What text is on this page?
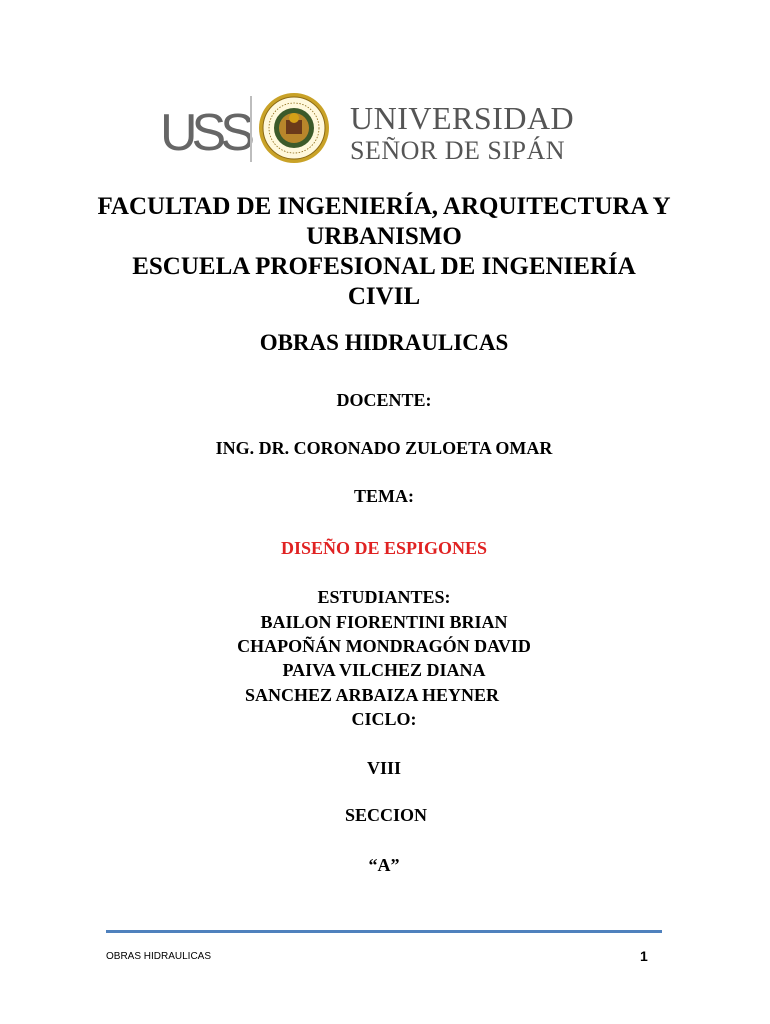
USS	UNIVERSIDAD
SEÑOR DE SIPÁN
FACULTAD DE INGENIERÍA, ARQUITECTURA Y
URBANISMO
ESCUELA PROFESIONAL DE INGENIERÍA
CIVIL
OBRAS HIDRAULICAS
DOCENTE:
ING. DR. CORONADO ZULOETA OMAR
TEMA:
DISEÑO DE ESPIGONES
ESTUDIANTES:
BAILON FIORENTINI BRIAN
CHAPOÑÁN MONDRAGÓN DAVID
PAIVA VILCHEZ DIANA
SANCHEZ ARBAIZA HEYNER
CICLO:
VIII
SECCION
“A”
OBRAS HIDRAULICAS	1
